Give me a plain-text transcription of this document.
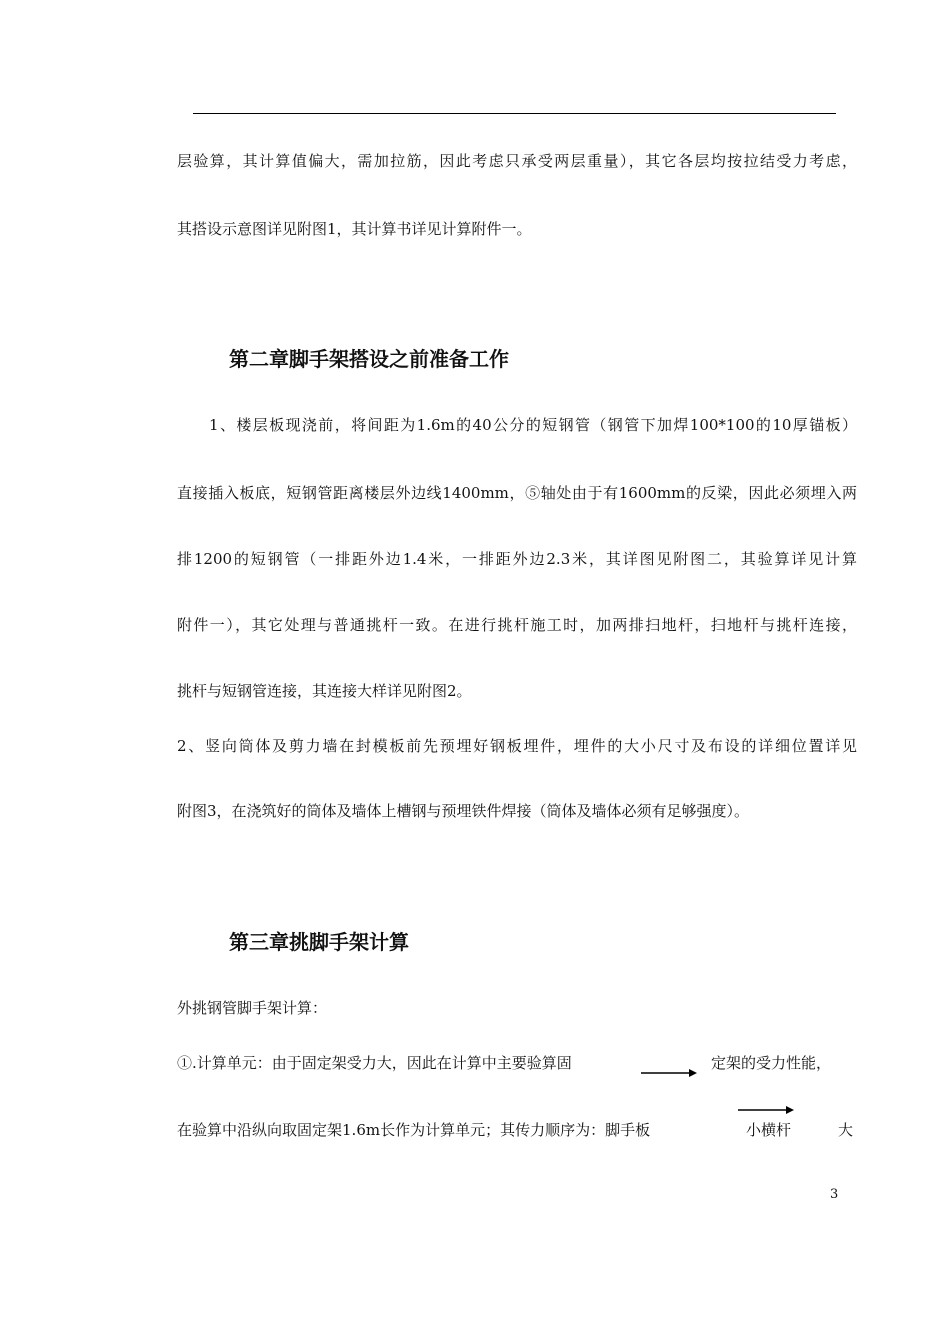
层验算，其计算值偏大，需加拉筋，因此考虑只承受两层重量），其它各层均按拉结受力考虑，
其搭设示意图详见附图1，其计算书详见计算附件一。
第二章脚手架搭设之前准备工作
1、楼层板现浇前，将间距为1.6m的40公分的短钢管（钢管下加焊100*100的10厚锚板）
直接插入板底，短钢管距离楼层外边线1400mm，⑤轴处由于有1600mm的反梁，因此必须埋入两
排1200的短钢管（一排距外边1.4米，一排距外边2.3米，其详图见附图二，其验算详见计算
附件一），其它处理与普通挑杆一致。在进行挑杆施工时，加两排扫地杆，扫地杆与挑杆连接，
挑杆与短钢管连接，其连接大样详见附图2。
2、竖向筒体及剪力墙在封模板前先预埋好钢板埋件，埋件的大小尺寸及布设的详细位置详见
附图3，在浇筑好的筒体及墙体上槽钢与预埋铁件焊接（筒体及墙体必须有足够强度）。
第三章挑脚手架计算
外挑钢管脚手架计算：
①.计算单元：由于固定架受力大，因此在计算中主要验算固	定架的受力性能，
在验算中沿纵向取固定架1.6m长作为计算单元；其传力顺序为：脚手板	小横杆	大
3
